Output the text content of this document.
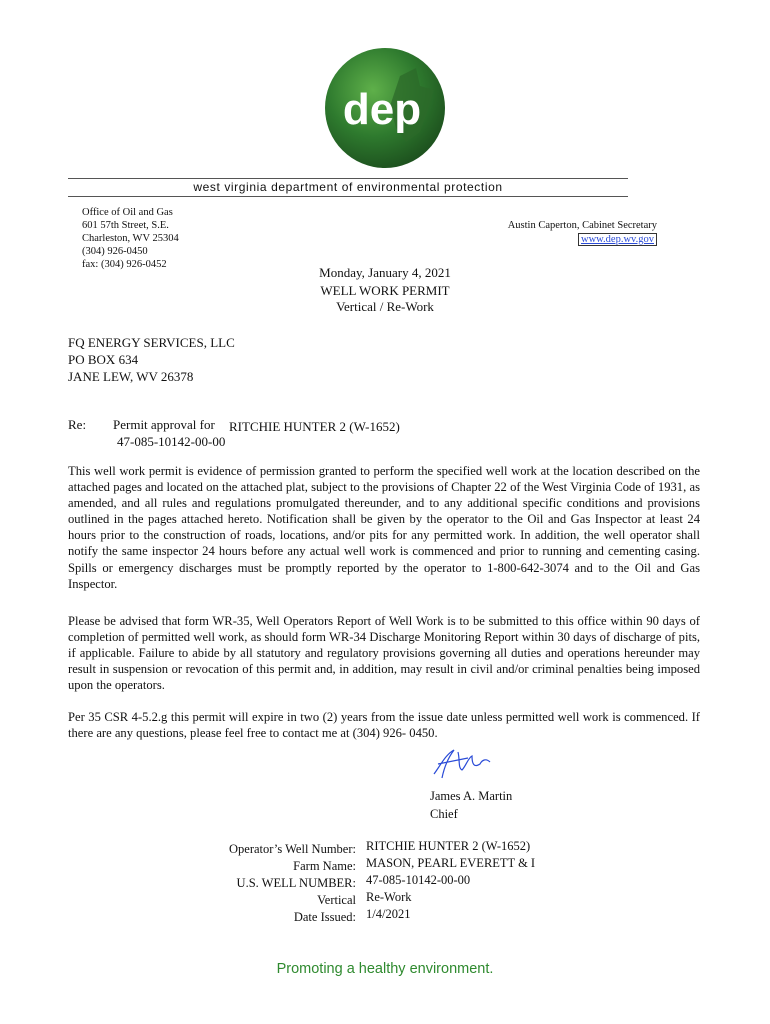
dep
west virginia department of environmental protection
Office of Oil and Gas
601 57th Street, S.E.
Charleston, WV 25304
(304) 926-0450
fax: (304) 926-0452
Austin Caperton, Cabinet Secretary
www.dep.wv.gov
Monday, January 4, 2021
WELL WORK PERMIT
Vertical / Re-Work
FQ ENERGY SERVICES, LLC
PO BOX 634
JANE LEW, WV 26378
Re: Permit approval for RITCHIE HUNTER 2 (W-1652)
47-085-10142-00-00
This well work permit is evidence of permission granted to perform the specified well work at the location described on the attached pages and located on the attached plat, subject to the provisions of Chapter 22 of the West Virginia Code of 1931, as amended, and all rules and regulations promulgated thereunder, and to any additional specific conditions and provisions outlined in the pages attached hereto. Notification shall be given by the operator to the Oil and Gas Inspector at least 24 hours prior to the construction of roads, locations, and/or pits for any permitted work. In addition, the well operator shall notify the same inspector 24 hours before any actual well work is commenced and prior to running and cementing casing. Spills or emergency discharges must be promptly reported by the operator to 1-800-642-3074 and to the Oil and Gas Inspector.
Please be advised that form WR-35, Well Operators Report of Well Work is to be submitted to this office within 90 days of completion of permitted well work, as should form WR-34 Discharge Monitoring Report within 30 days of discharge of pits, if applicable. Failure to abide by all statutory and regulatory provisions governing all duties and operations hereunder may result in suspension or revocation of this permit and, in addition, may result in civil and/or criminal penalties being imposed upon the operators.
Per 35 CSR 4-5.2.g this permit will expire in two (2) years from the issue date unless permitted well work is commenced. If there are any questions, please feel free to contact me at (304) 926- 0450.
James A. Martin
Chief
Operator’s Well Number:
Farm Name:
U.S. WELL NUMBER:
Vertical
Date Issued:
RITCHIE HUNTER 2 (W-1652)
MASON, PEARL EVERETT & I
47-085-10142-00-00
Re-Work
1/4/2021
Promoting a healthy environment.
